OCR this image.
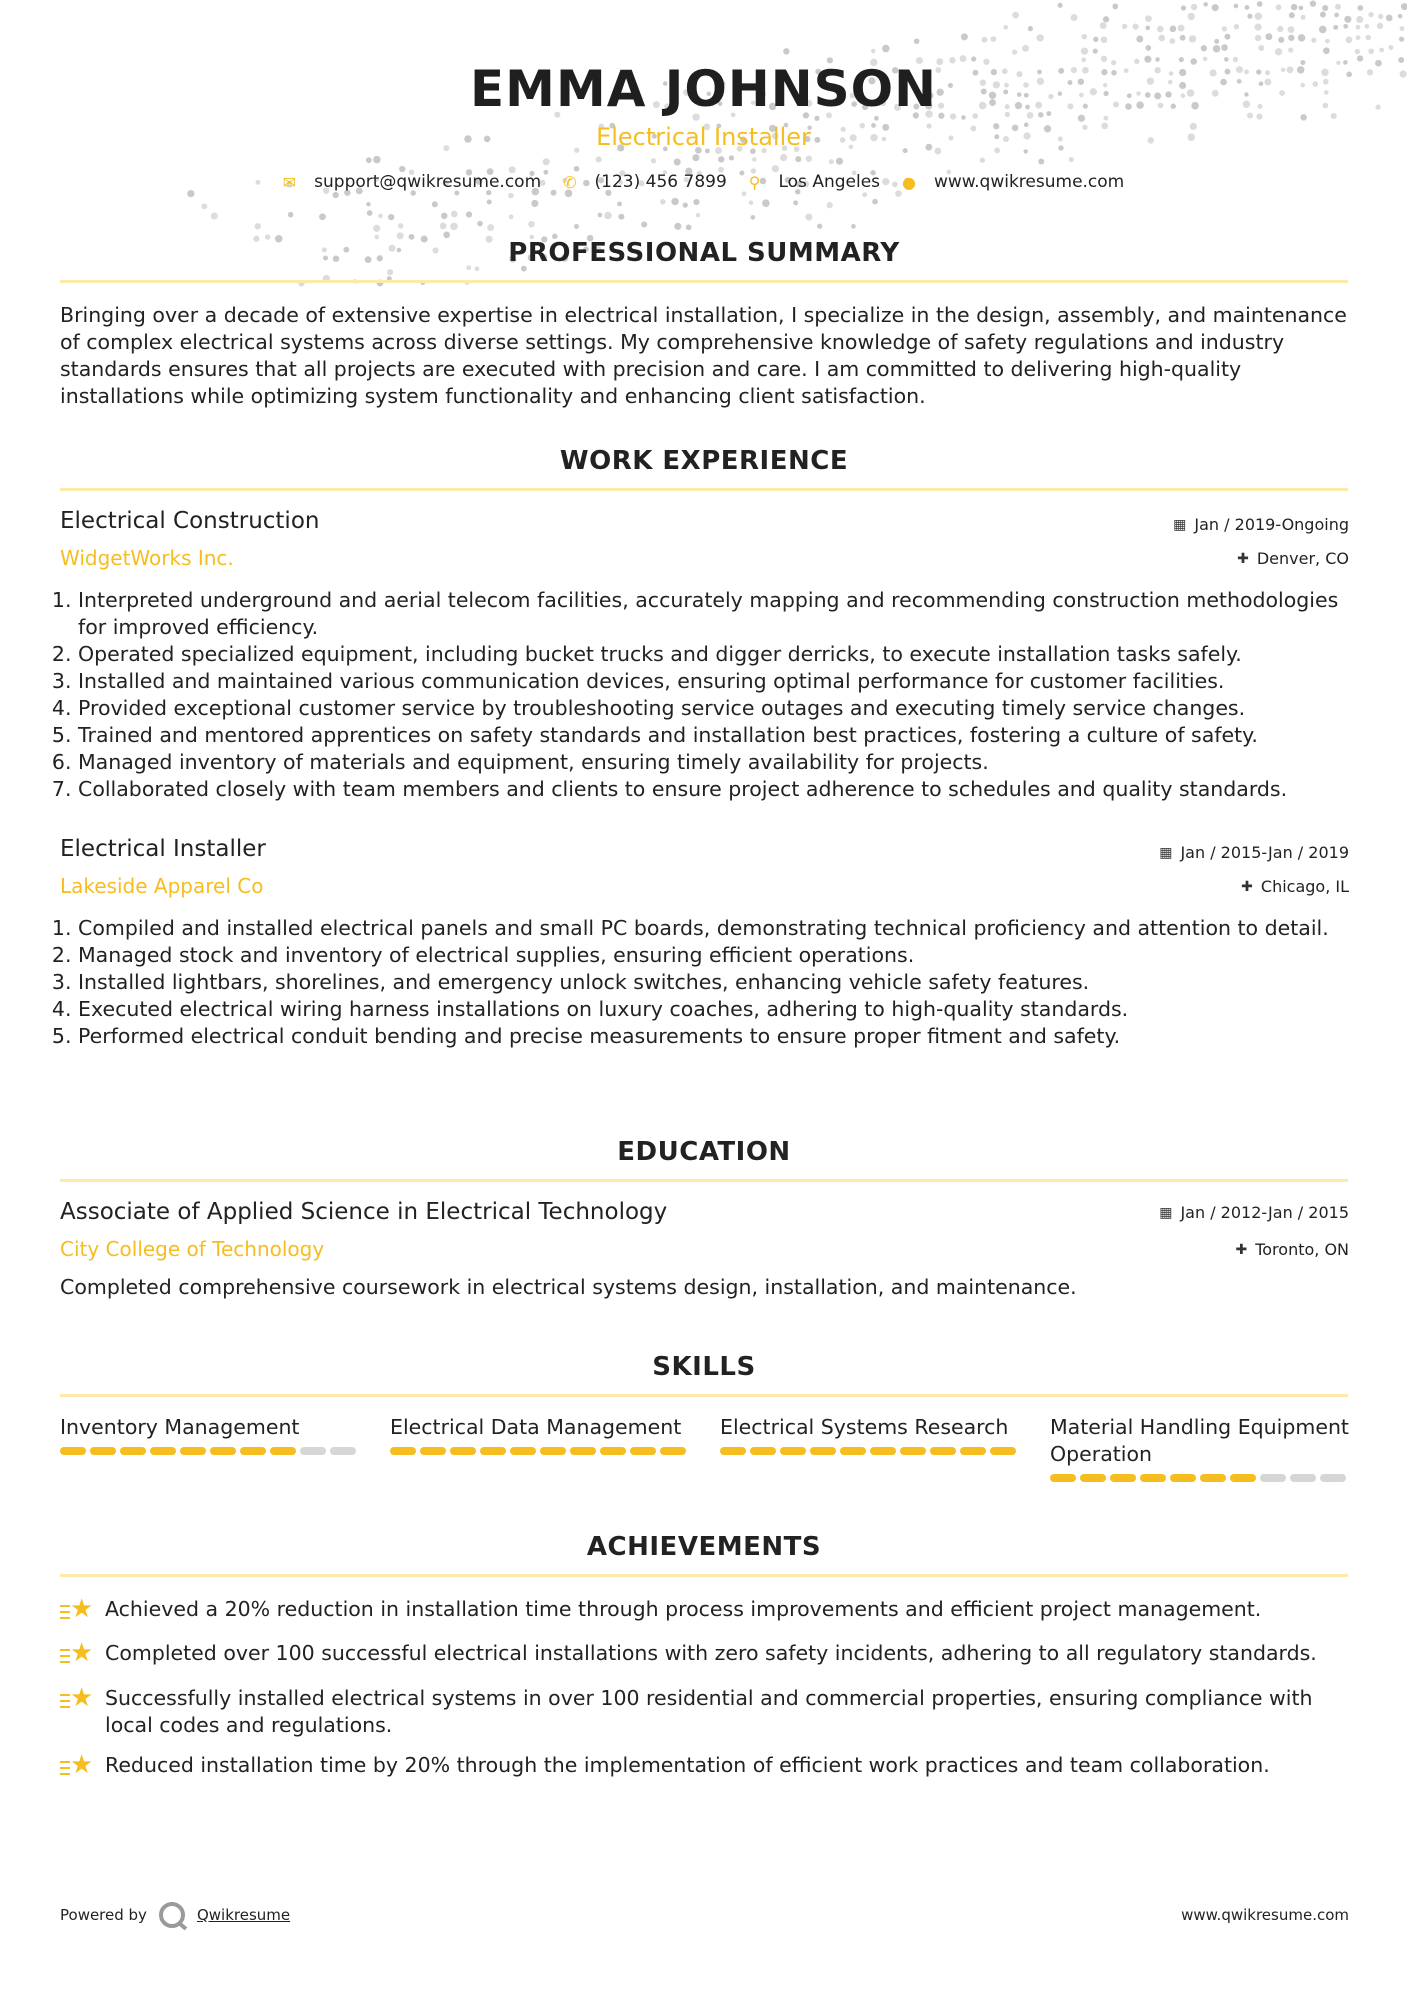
EMMA JOHNSON
Electrical Installer
✉ support@qwikresume.com ✆ (123) 456 7899 ⚲ Los Angeles ● www.qwikresume.com
PROFESSIONAL SUMMARY
Bringing over a decade of extensive expertise in electrical installation, I specialize in the design, assembly, and maintenance of complex electrical systems across diverse settings. My comprehensive knowledge of safety regulations and industry standards ensures that all projects are executed with precision and care. I am committed to delivering high-quality installations while optimizing system functionality and enhancing client satisfaction.
WORK EXPERIENCE
Electrical Construction
WidgetWorks Inc.
▦ Jan / 2019-Ongoing
✚ Denver, CO
1. Interpreted underground and aerial telecom facilities, accurately mapping and recommending construction methodologies for improved efficiency.
2. Operated specialized equipment, including bucket trucks and digger derricks, to execute installation tasks safely.
3. Installed and maintained various communication devices, ensuring optimal performance for customer facilities.
4. Provided exceptional customer service by troubleshooting service outages and executing timely service changes.
5. Trained and mentored apprentices on safety standards and installation best practices, fostering a culture of safety.
6. Managed inventory of materials and equipment, ensuring timely availability for projects.
7. Collaborated closely with team members and clients to ensure project adherence to schedules and quality standards.
Electrical Installer
Lakeside Apparel Co
▦ Jan / 2015-Jan / 2019
✚ Chicago, IL
1. Compiled and installed electrical panels and small PC boards, demonstrating technical proficiency and attention to detail.
2. Managed stock and inventory of electrical supplies, ensuring efficient operations.
3. Installed lightbars, shorelines, and emergency unlock switches, enhancing vehicle safety features.
4. Executed electrical wiring harness installations on luxury coaches, adhering to high-quality standards.
5. Performed electrical conduit bending and precise measurements to ensure proper fitment and safety.
EDUCATION
Associate of Applied Science in Electrical Technology
City College of Technology
▦ Jan / 2012-Jan / 2015
✚ Toronto, ON
Completed comprehensive coursework in electrical systems design, installation, and maintenance.
SKILLS
Inventory Management	Electrical Data Management	Electrical Systems Research	Material Handling Equipment Operation
ACHIEVEMENTS
★ Achieved a 20% reduction in installation time through process improvements and efficient project management.
★ Completed over 100 successful electrical installations with zero safety incidents, adhering to all regulatory standards.
★ Successfully installed electrical systems in over 100 residential and commercial properties, ensuring compliance with local codes and regulations.
★ Reduced installation time by 20% through the implementation of efficient work practices and team collaboration.
Powered by	Qwikresume	www.qwikresume.com
